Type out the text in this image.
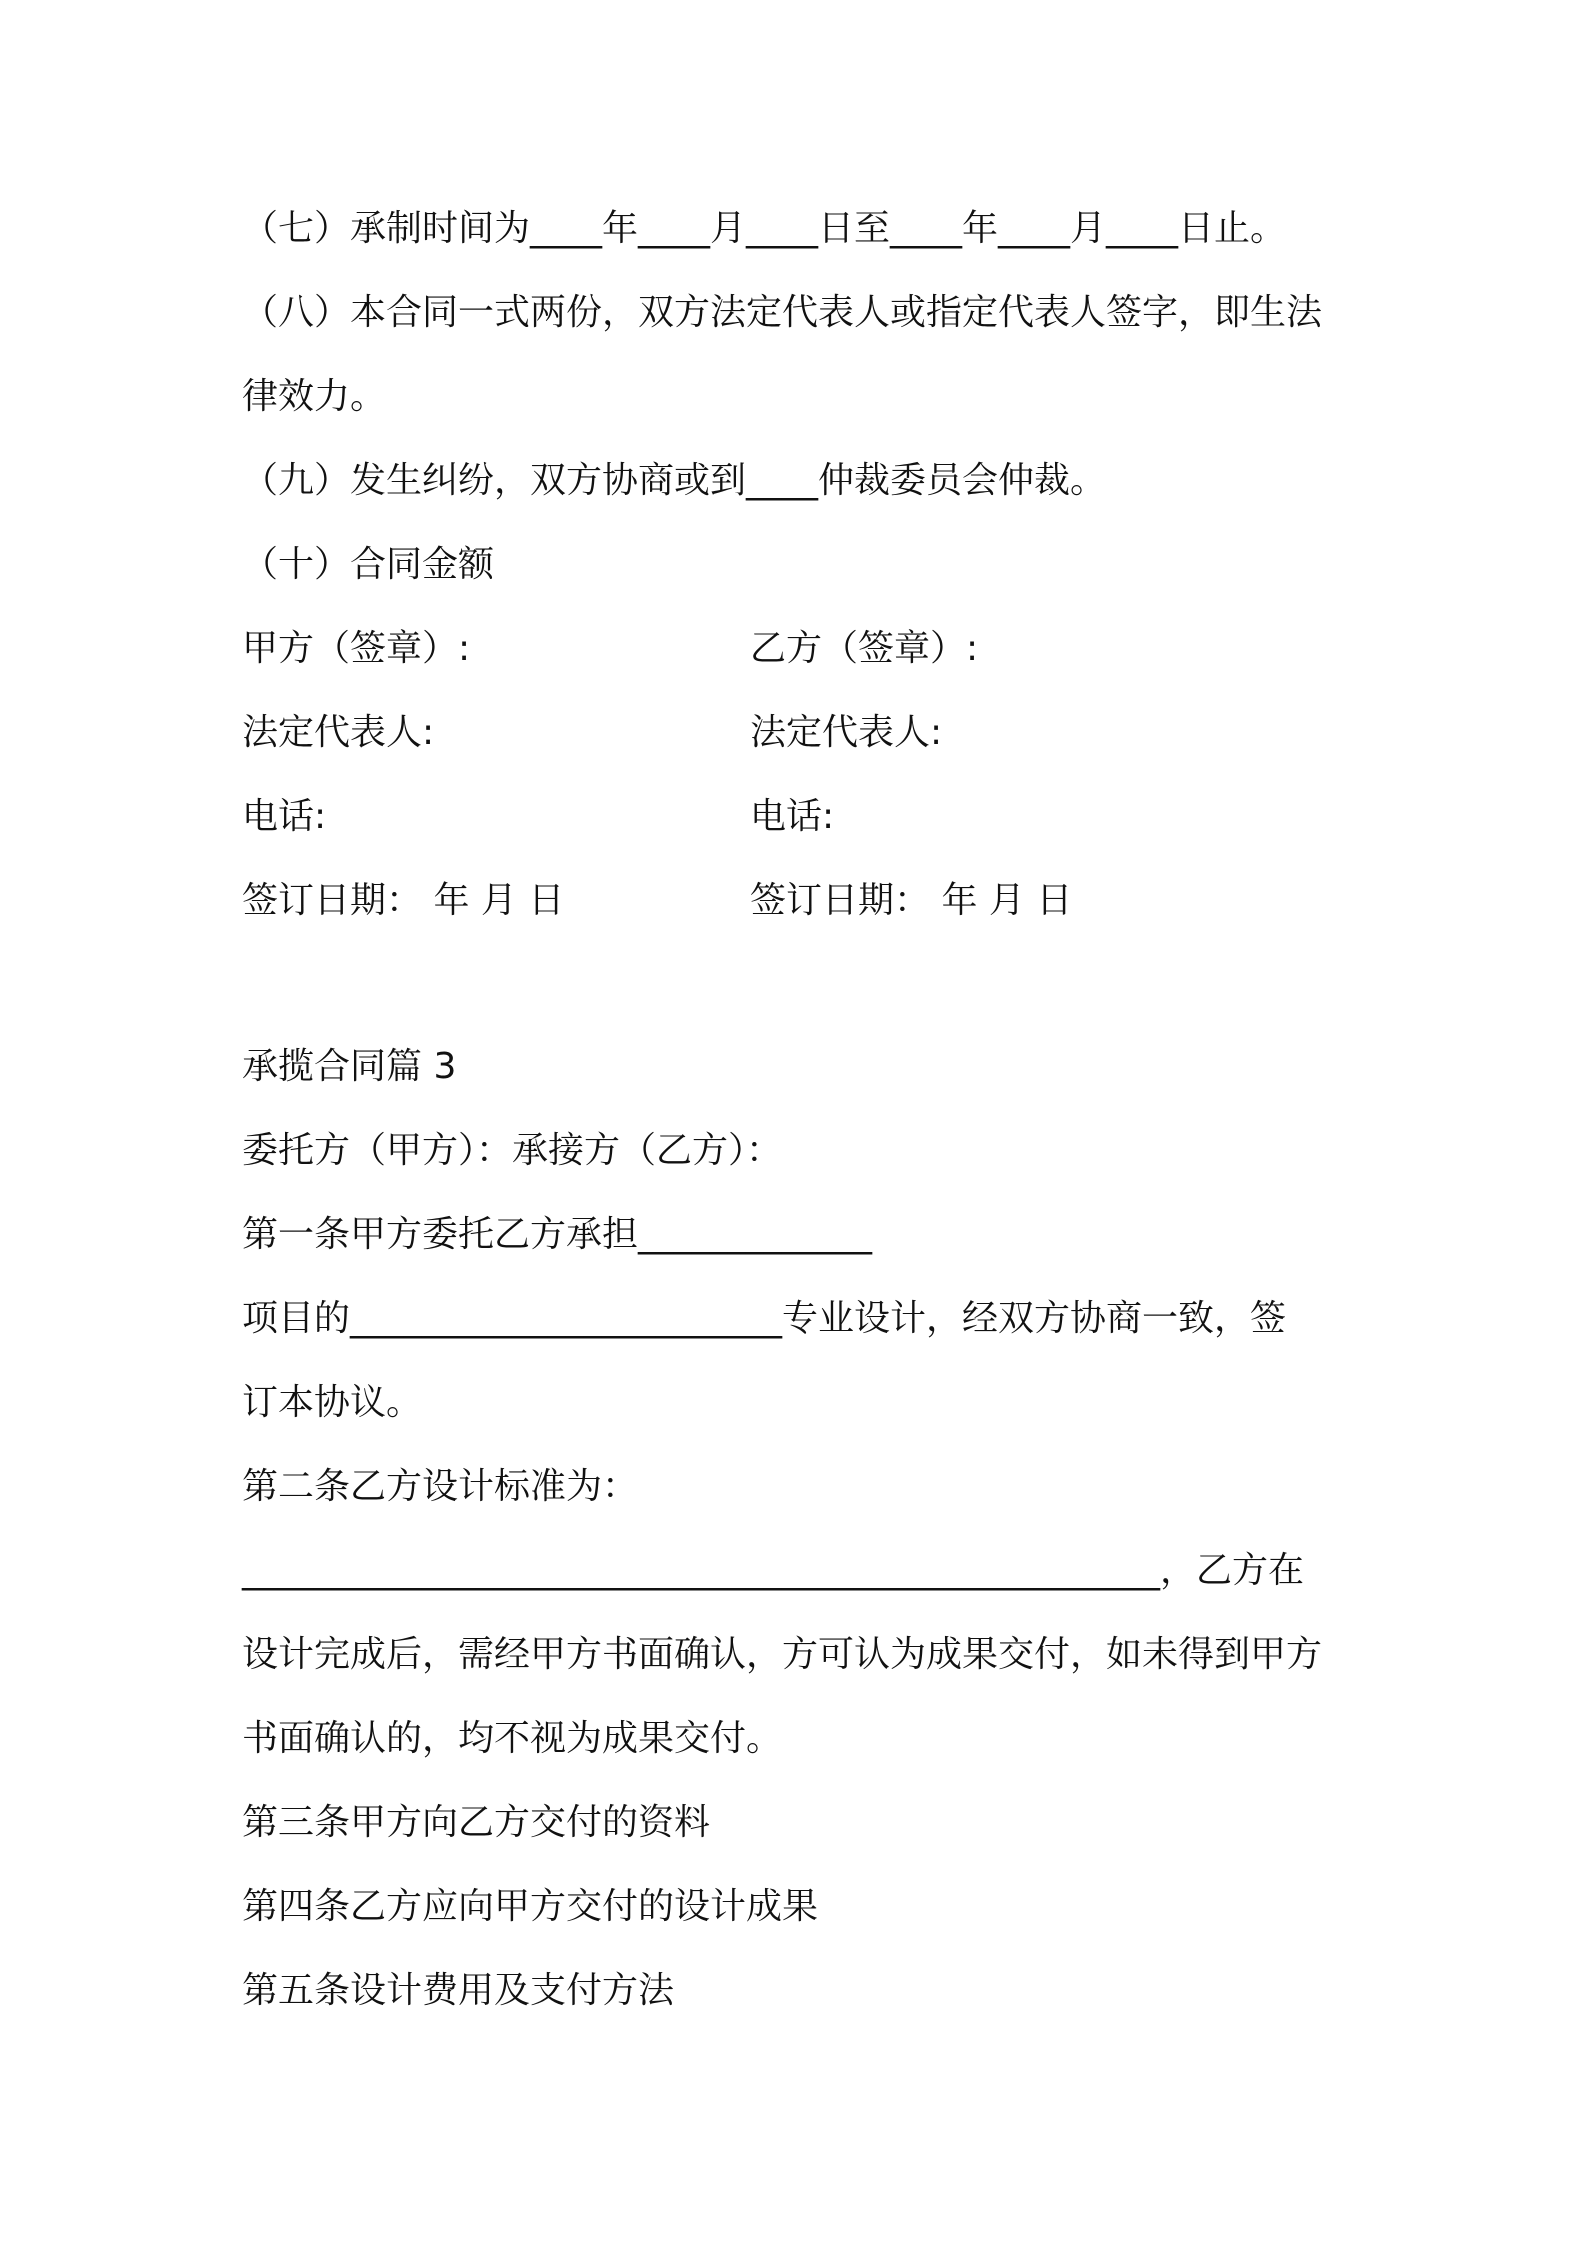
（七）承制时间为____年____月____日至____年____月____日止。
（八）本合同一式两份，双方法定代表人或指定代表人签字，即生法
律效力。
（九）发生纠纷，双方协商或到____仲裁委员会仲裁。
（十）合同金额
甲方（签章）:	乙方（签章）:
法定代表人:	法定代表人:
电话:	电话:
签订日期： 年 月 日	签订日期： 年 月 日
承揽合同篇 3
委托方（甲方）：承接方（乙方）：
第一条甲方委托乙方承担_____________
项目的________________________专业设计，经双方协商一致，签
订本协议。
第二条乙方设计标准为：
___________________________________________________，乙方在
设计完成后，需经甲方书面确认，方可认为成果交付，如未得到甲方
书面确认的，均不视为成果交付。
第三条甲方向乙方交付的资料
第四条乙方应向甲方交付的设计成果
第五条设计费用及支付方法
